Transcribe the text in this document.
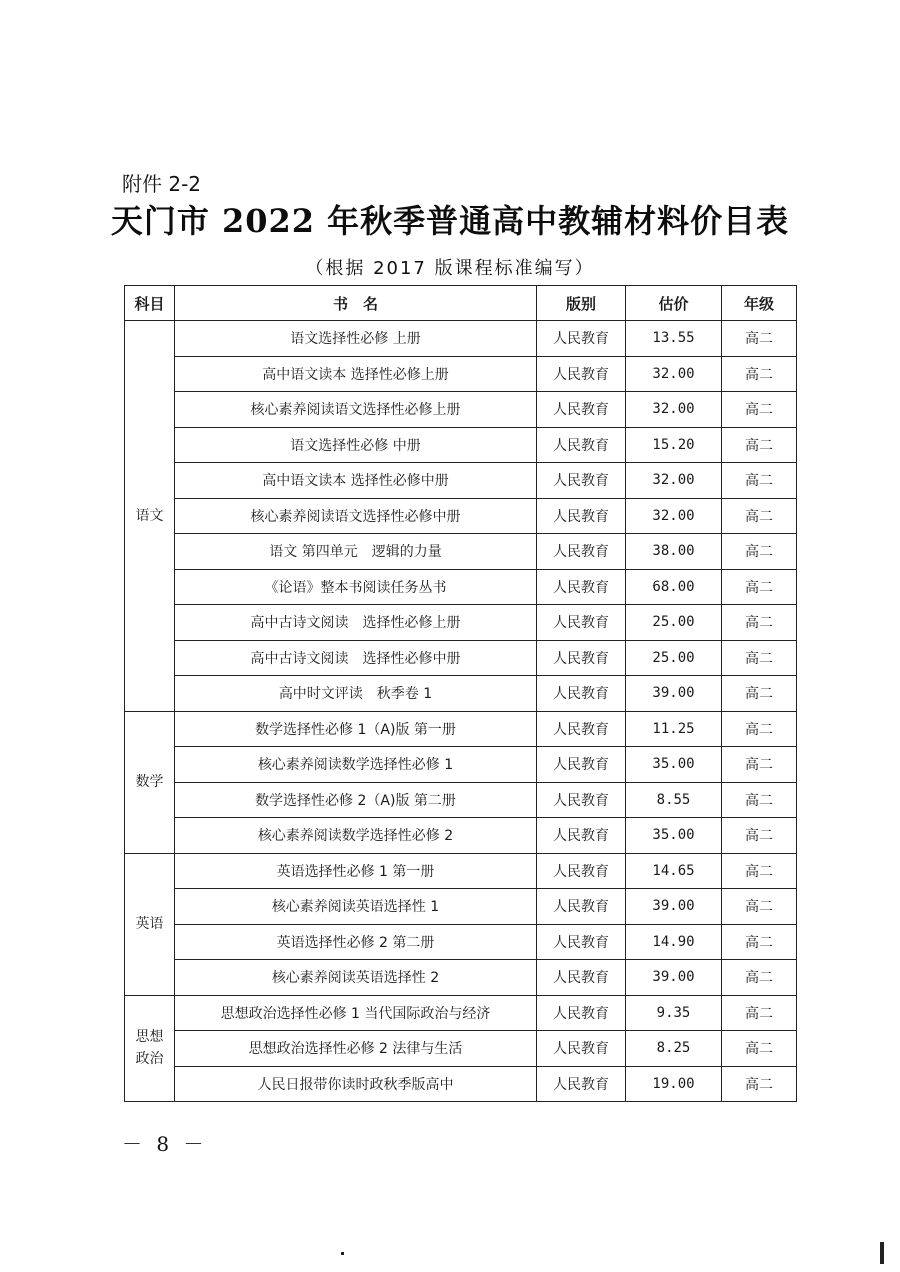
附件 2-2
天门市 2022 年秋季普通高中教辅材料价目表
（根据 2017 版课程标准编写）
科目	书　名	版别	估价	年级
语文	语文选择性必修 上册	人民教育	13.55	高二
	高中语文读本 选择性必修上册	人民教育	32.00	高二
	核心素养阅读语文选择性必修上册	人民教育	32.00	高二
	语文选择性必修 中册	人民教育	15.20	高二
	高中语文读本 选择性必修中册	人民教育	32.00	高二
	核心素养阅读语文选择性必修中册	人民教育	32.00	高二
	语文 第四单元　逻辑的力量	人民教育	38.00	高二
	《论语》整本书阅读任务丛书	人民教育	68.00	高二
	高中古诗文阅读　选择性必修上册	人民教育	25.00	高二
	高中古诗文阅读　选择性必修中册	人民教育	25.00	高二
	高中时文评读　秋季卷 1	人民教育	39.00	高二
数学	数学选择性必修 1（A)版 第一册	人民教育	11.25	高二
	核心素养阅读数学选择性必修 1	人民教育	35.00	高二
	数学选择性必修 2（A)版 第二册	人民教育	8.55	高二
	核心素养阅读数学选择性必修 2	人民教育	35.00	高二
英语	英语选择性必修 1 第一册	人民教育	14.65	高二
	核心素养阅读英语选择性 1	人民教育	39.00	高二
	英语选择性必修 2 第二册	人民教育	14.90	高二
	核心素养阅读英语选择性 2	人民教育	39.00	高二
思想政治	思想政治选择性必修 1 当代国际政治与经济	人民教育	9.35	高二
	思想政治选择性必修 2 法律与生活	人民教育	8.25	高二
	人民日报带你读时政秋季版高中	人民教育	19.00	高二
－ 8 －
